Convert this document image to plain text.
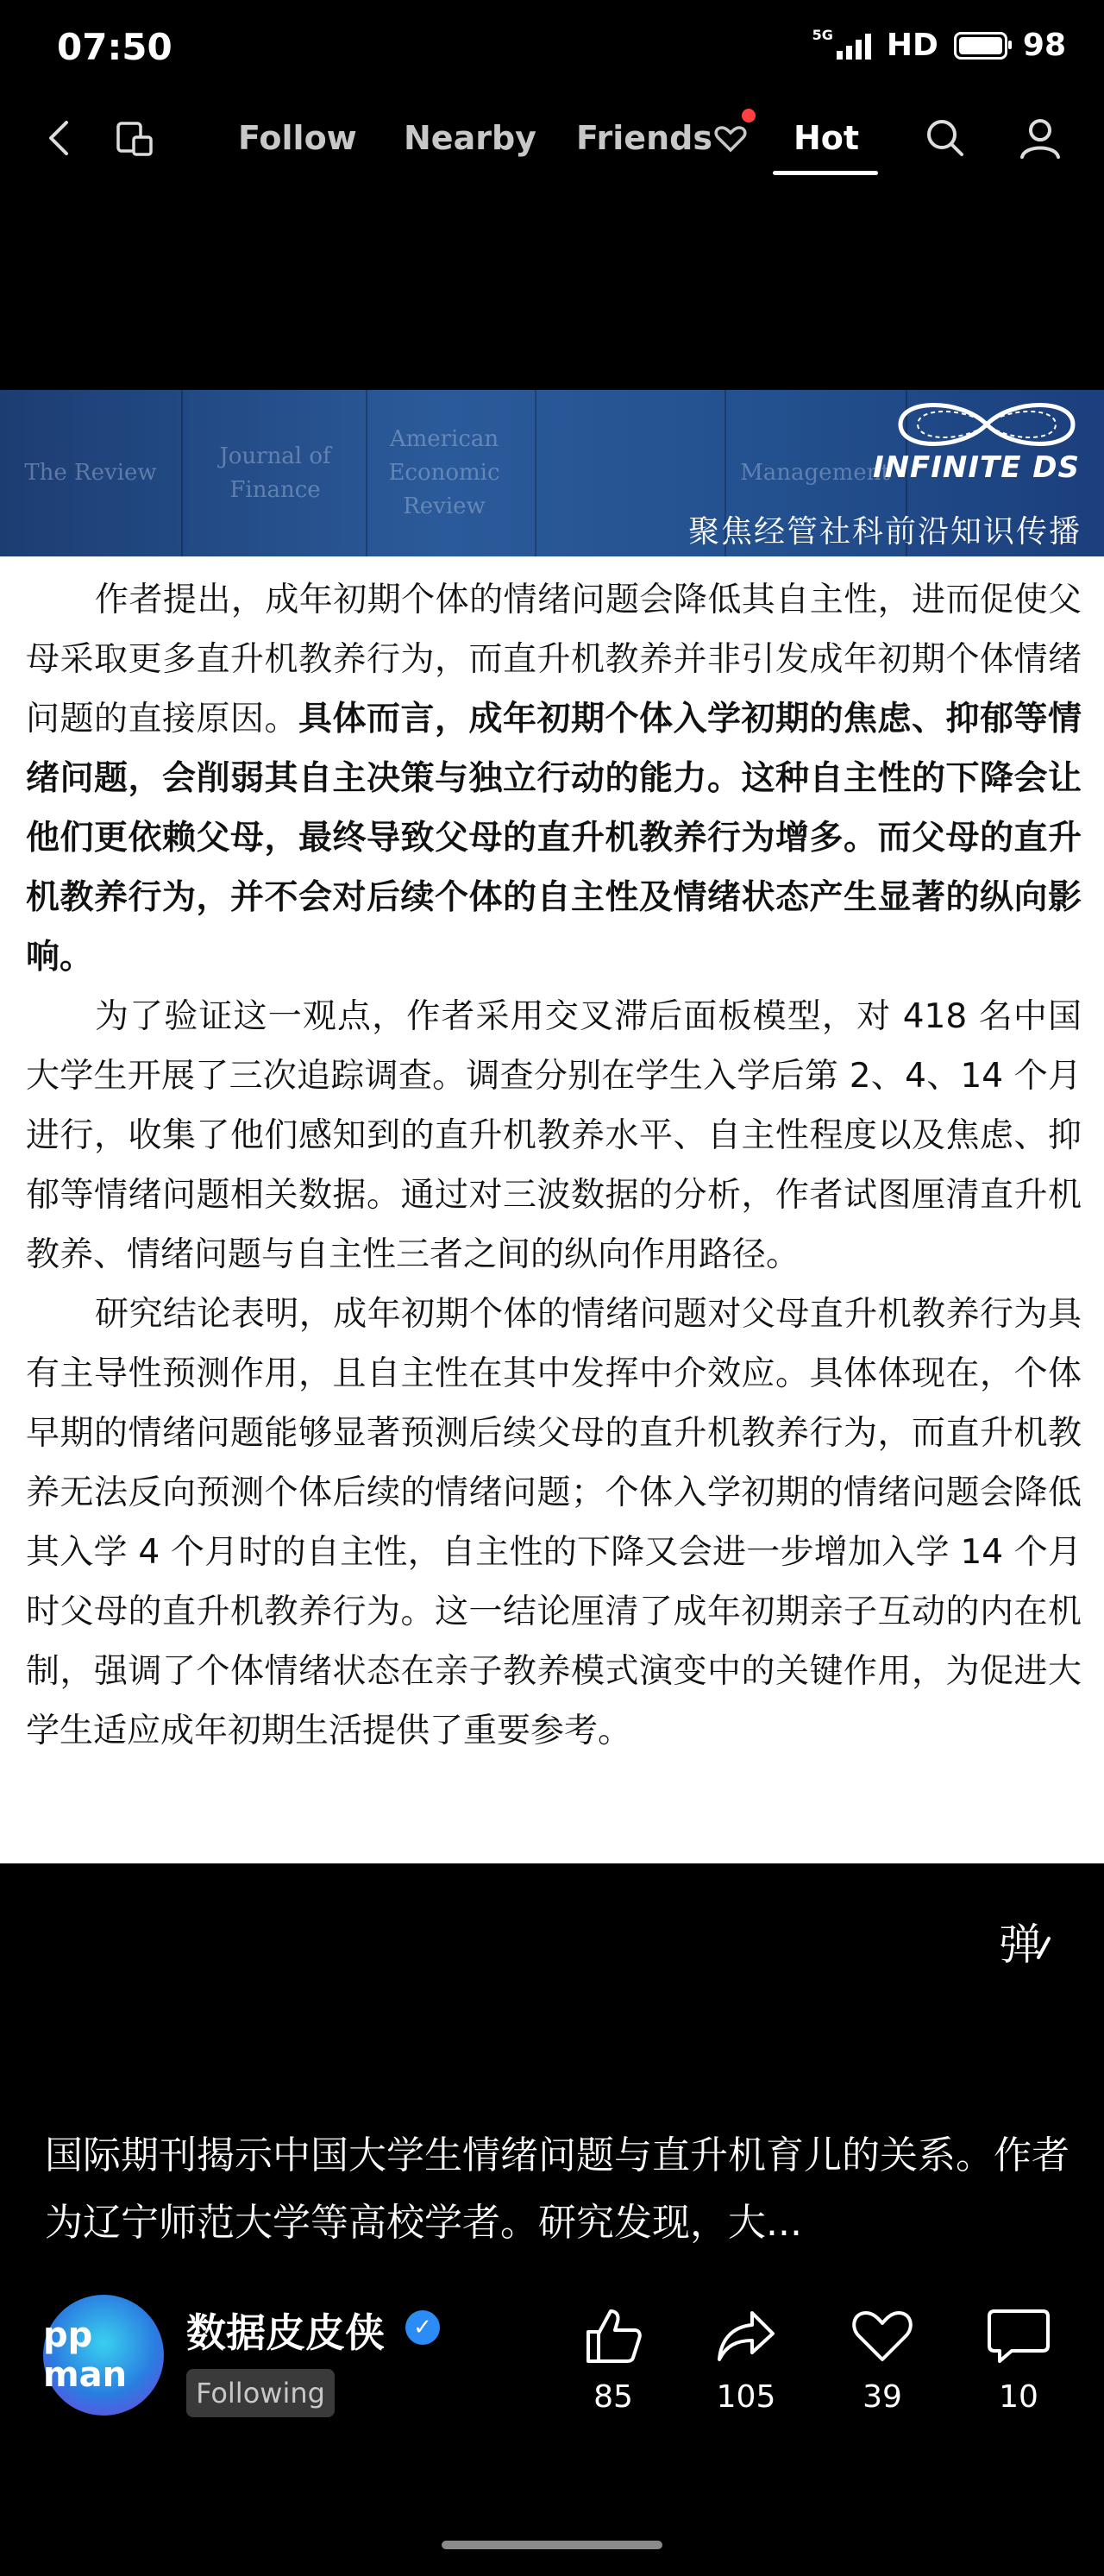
07:50	5G HD	98
Follow Nearby Friends	Hot
The Review
Journal of Finance
American Economic Review
Management
INFINITE DS
聚焦经管社科前沿知识传播

作者提出，成年初期个体的情绪问题会降低其自主性，进而促使父母采取更多直升机教养行为，而直升机教养并非引发成年初期个体情绪问题的直接原因。具体而言，成年初期个体入学初期的焦虑、抑郁等情绪问题，会削弱其自主决策与独立行动的能力。这种自主性的下降会让他们更依赖父母，最终导致父母的直升机教养行为增多。而父母的直升机教养行为，并不会对后续个体的自主性及情绪状态产生显著的纵向影响。

为了验证这一观点，作者采用交叉滞后面板模型，对 418 名中国大学生开展了三次追踪调查。调查分别在学生入学后第 2、4、14 个月进行，收集了他们感知到的直升机教养水平、自主性程度以及焦虑、抑郁等情绪问题相关数据。通过对三波数据的分析，作者试图厘清直升机教养、情绪问题与自主性三者之间的纵向作用路径。

研究结论表明，成年初期个体的情绪问题对父母直升机教养行为具有主导性预测作用，且自主性在其中发挥中介效应。具体体现在，个体早期的情绪问题能够显著预测后续父母的直升机教养行为，而直升机教养无法反向预测个体后续的情绪问题；个体入学初期的情绪问题会降低其入学 4 个月时的自主性，自主性的下降又会进一步增加入学 14 个月时父母的直升机教养行为。这一结论厘清了成年初期亲子互动的内在机制，强调了个体情绪状态在亲子教养模式演变中的关键作用，为促进大学生适应成年初期生活提供了重要参考。

弹
国际期刊揭示中国大学生情绪问题与直升机育儿的关系。作者为辽宁师范大学等高校学者。研究发现，大...
pp man
数据皮皮侠	✓
Following	85	105	39	10
